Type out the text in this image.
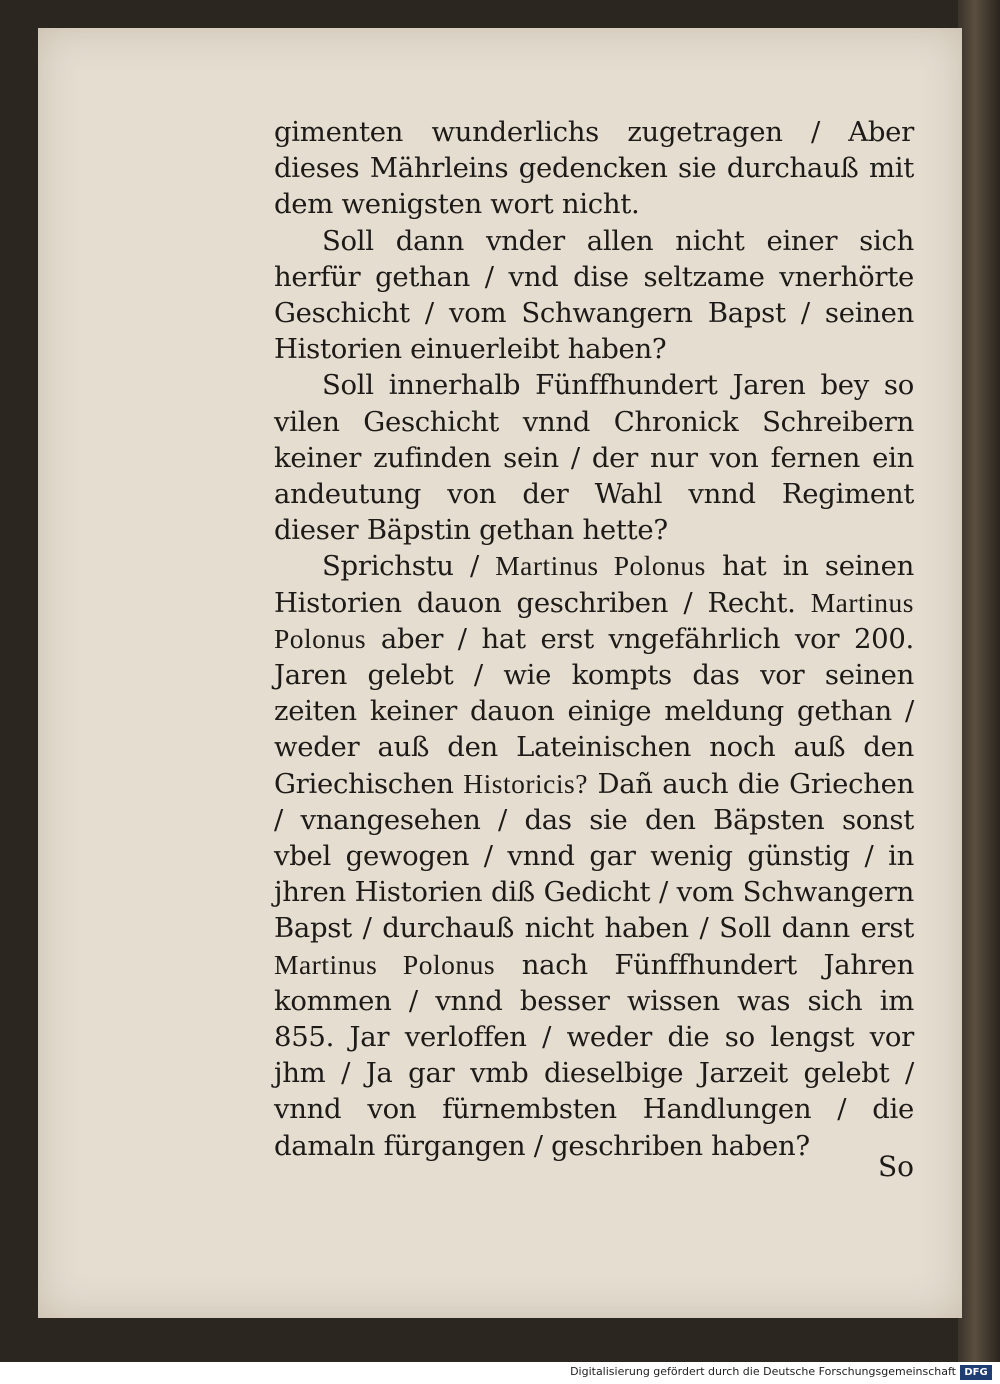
gimenten wunderlichs zugetragen / Aber dieses Mährleins gedencken sie durchauß mit dem wenigsten wort nicht.

Soll dann vnder allen nicht einer sich herfür gethan / vnd dise seltzame vnerhörte Geschicht / vom Schwangern Bapst / seinen Historien einuerleibt haben?

Soll innerhalb Fünffhundert Jaren bey so vilen Geschicht vnnd Chronick Schreibern keiner zufinden sein / der nur von fernen ein andeutung von der Wahl vnnd Regiment dieser Bäpstin gethan hette?

Sprichstu / Martinus Polonus hat in seinen Historien dauon geschriben / Recht. Martinus Polonus aber / hat erst vngefährlich vor 200. Jaren gelebt / wie kompts das vor seinen zeiten keiner dauon einige meldung gethan / weder auß den Lateinischen noch auß den Griechischen Historicis? Dañ auch die Griechen / vnangesehen / das sie den Bäpsten sonst vbel gewogen / vnnd gar wenig günstig / in jhren Historien diß Gedicht / vom Schwangern Bapst / durchauß nicht haben / Soll dann erst Martinus Polonus nach Fünffhundert Jahren kommen / vnnd besser wissen was sich im 855. Jar verloffen / weder die so lengst vor jhm / Ja gar vmb dieselbige Jarzeit gelebt / vnnd von fürnembsten Handlungen / die damaln fürgangen / geschriben haben?

So
Digitalisierung gefördert durch die Deutsche Forschungsgemeinschaft DFG
